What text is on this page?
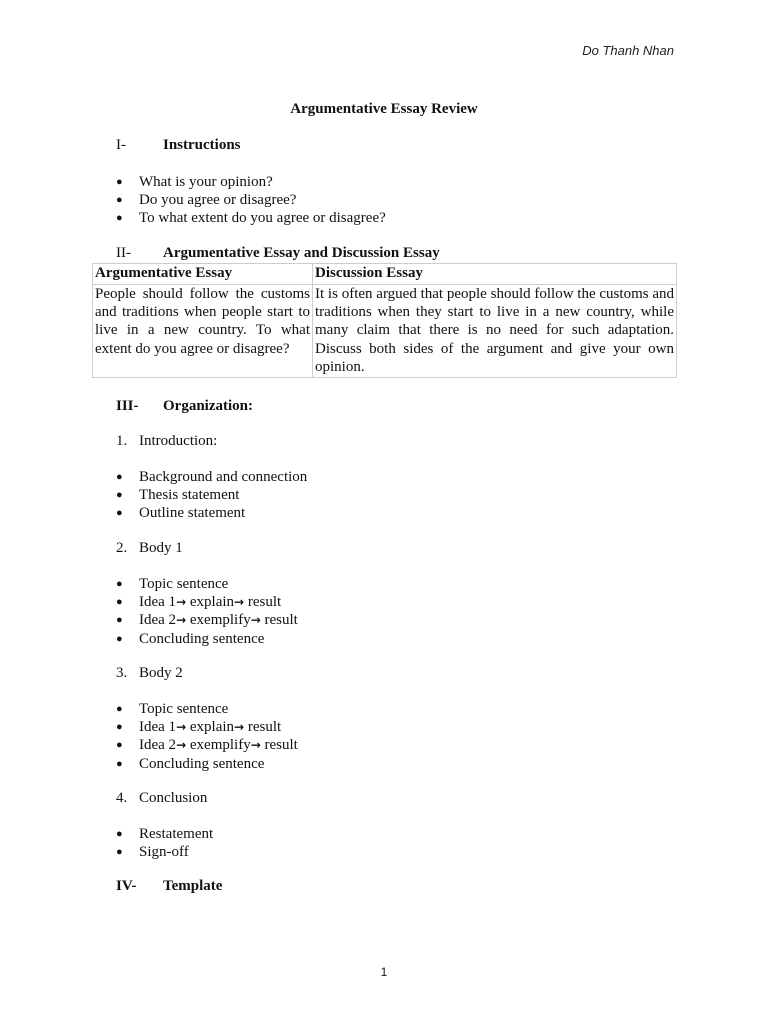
Do Thanh Nhan
Argumentative Essay Review
I-	Instructions
● What is your opinion?
● Do you agree or disagree?
● To what extent do you agree or disagree?
II-	Argumentative Essay and Discussion Essay
Argumentative Essay	Discussion Essay
People should follow the customs and traditions when people start to live in a new country. To what extent do you agree or disagree?	It is often argued that people should follow the customs and traditions when they start to live in a new country, while many claim that there is no need for such adaptation. Discuss both sides of the argument and give your own opinion.
III-	Organization:
1. Introduction:
● Background and connection
● Thesis statement
● Outline statement
2. Body 1
● Topic sentence
● Idea 1→ explain→ result
● Idea 2→ exemplify→ result
● Concluding sentence
3. Body 2
● Topic sentence
● Idea 1→ explain→ result
● Idea 2→ exemplify→ result
● Concluding sentence
4. Conclusion
● Restatement
● Sign-off
IV-	Template
1
